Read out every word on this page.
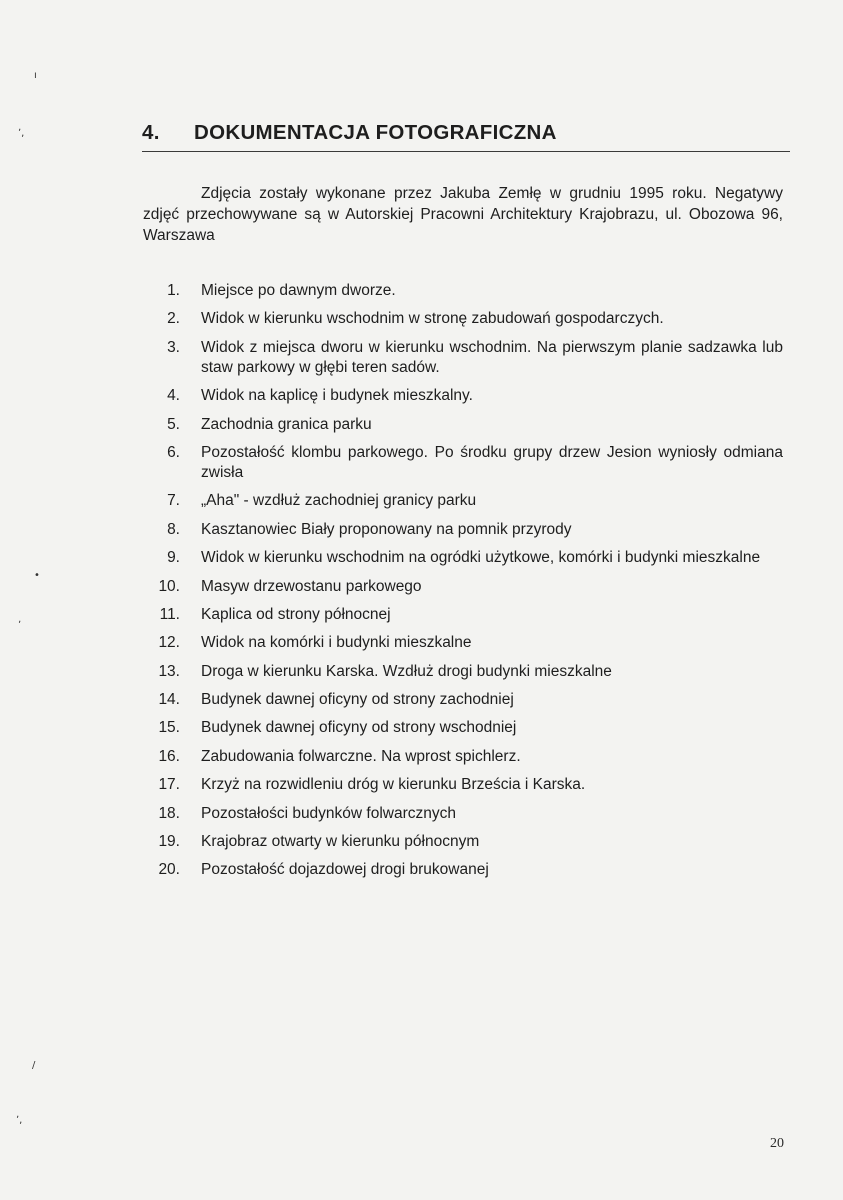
ı
ʼ,
•
ʼ
/
ʼ,
4.	DOKUMENTACJA FOTOGRAFICZNA

Zdjęcia zostały wykonane przez Jakuba Zemłę w grudniu 1995 roku. Negatywy zdjęć przechowywane są w Autorskiej Pracowni Architektury Krajobrazu, ul. Obozowa 96, Warszawa

1. Miejsce po dawnym dworze.
2. Widok w kierunku wschodnim w stronę zabudowań gospodarczych.
3. Widok z miejsca dworu w kierunku wschodnim. Na pierwszym planie sadzawka lub staw parkowy w głębi teren sadów.
4. Widok na kaplicę i budynek mieszkalny.
5. Zachodnia granica parku
6. Pozostałość klombu parkowego. Po środku grupy drzew Jesion wyniosły odmiana zwisła
7. „Aha" - wzdłuż zachodniej granicy parku
8. Kasztanowiec Biały proponowany na pomnik przyrody
9. Widok w kierunku wschodnim na ogródki użytkowe, komórki i budynki mieszkalne
10. Masyw drzewostanu parkowego
11. Kaplica od strony północnej
12. Widok na komórki i budynki mieszkalne
13. Droga w kierunku Karska. Wzdłuż drogi budynki mieszkalne
14. Budynek dawnej oficyny od strony zachodniej
15. Budynek dawnej oficyny od strony wschodniej
16. Zabudowania folwarczne. Na wprost spichlerz.
17. Krzyż na rozwidleniu dróg w kierunku Brześcia i Karska.
18. Pozostałości budynków folwarcznych
19. Krajobraz otwarty w kierunku północnym
20. Pozostałość dojazdowej drogi brukowanej
20
